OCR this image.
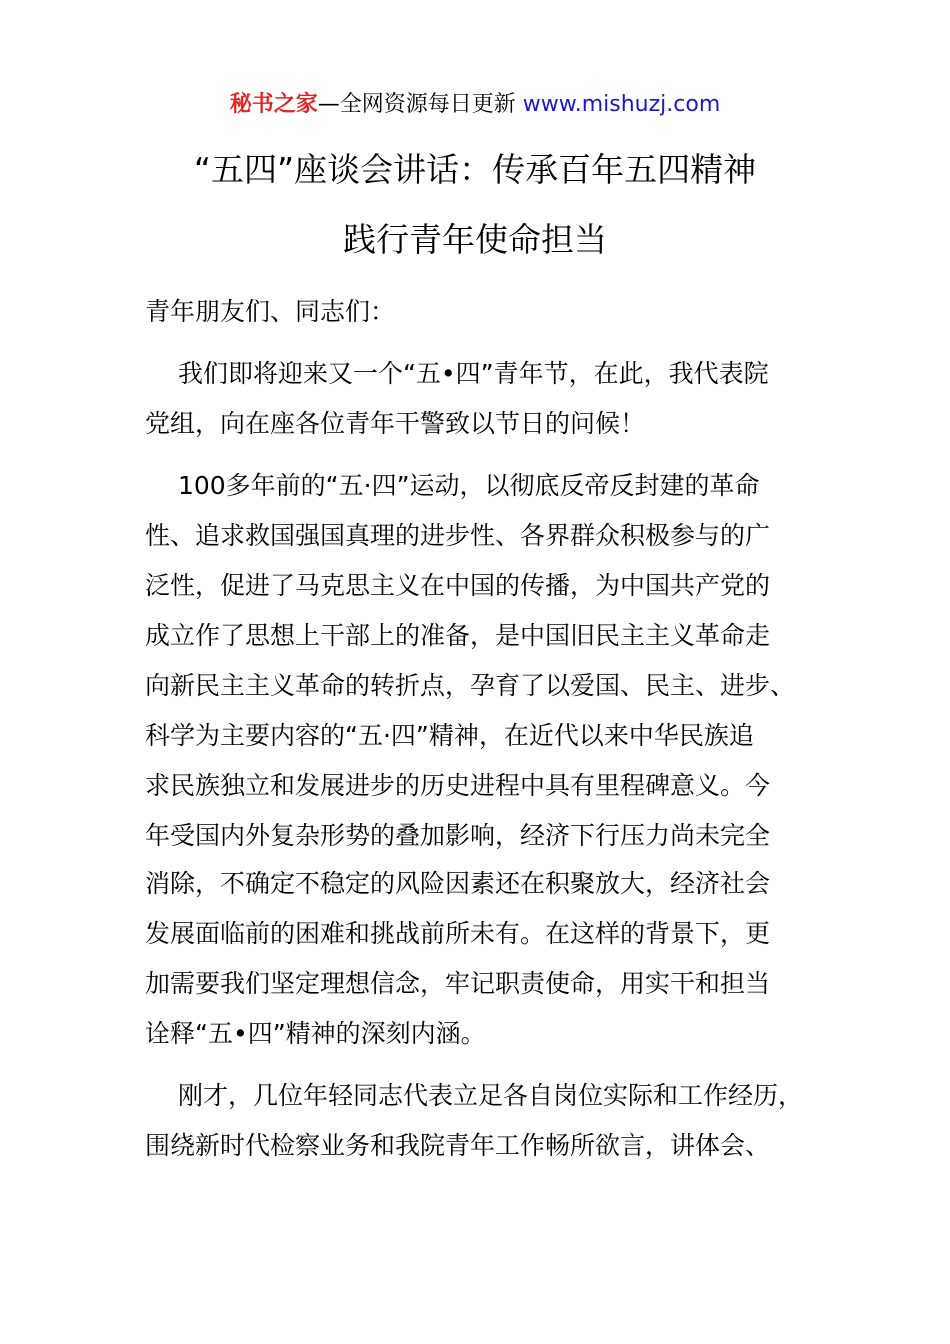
秘书之家—全网资源每日更新 www.mishuzj.com
“五四”座谈会讲话：传承百年五四精神
践行青年使命担当
青年朋友们、同志们：
　 我们即将迎来又一个“五•四”青年节，在此，我代表院
党组，向在座各位青年干警致以节日的问候！
　 100多年前的“五·四”运动，以彻底反帝反封建的革命
性、追求救国强国真理的进步性、各界群众积极参与的广
泛性，促进了马克思主义在中国的传播，为中国共产党的
成立作了思想上干部上的准备，是中国旧民主主义革命走
向新民主主义革命的转折点，孕育了以爱国、民主、进步、
科学为主要内容的“五·四”精神，在近代以来中华民族追
求民族独立和发展进步的历史进程中具有里程碑意义。今
年受国内外复杂形势的叠加影响，经济下行压力尚未完全
消除，不确定不稳定的风险因素还在积聚放大，经济社会
发展面临前的困难和挑战前所未有。在这样的背景下，更
加需要我们坚定理想信念，牢记职责使命，用实干和担当
诠释“五•四”精神的深刻内涵。
　 刚才，几位年轻同志代表立足各自岗位实际和工作经历，
围绕新时代检察业务和我院青年工作畅所欲言，讲体会、
